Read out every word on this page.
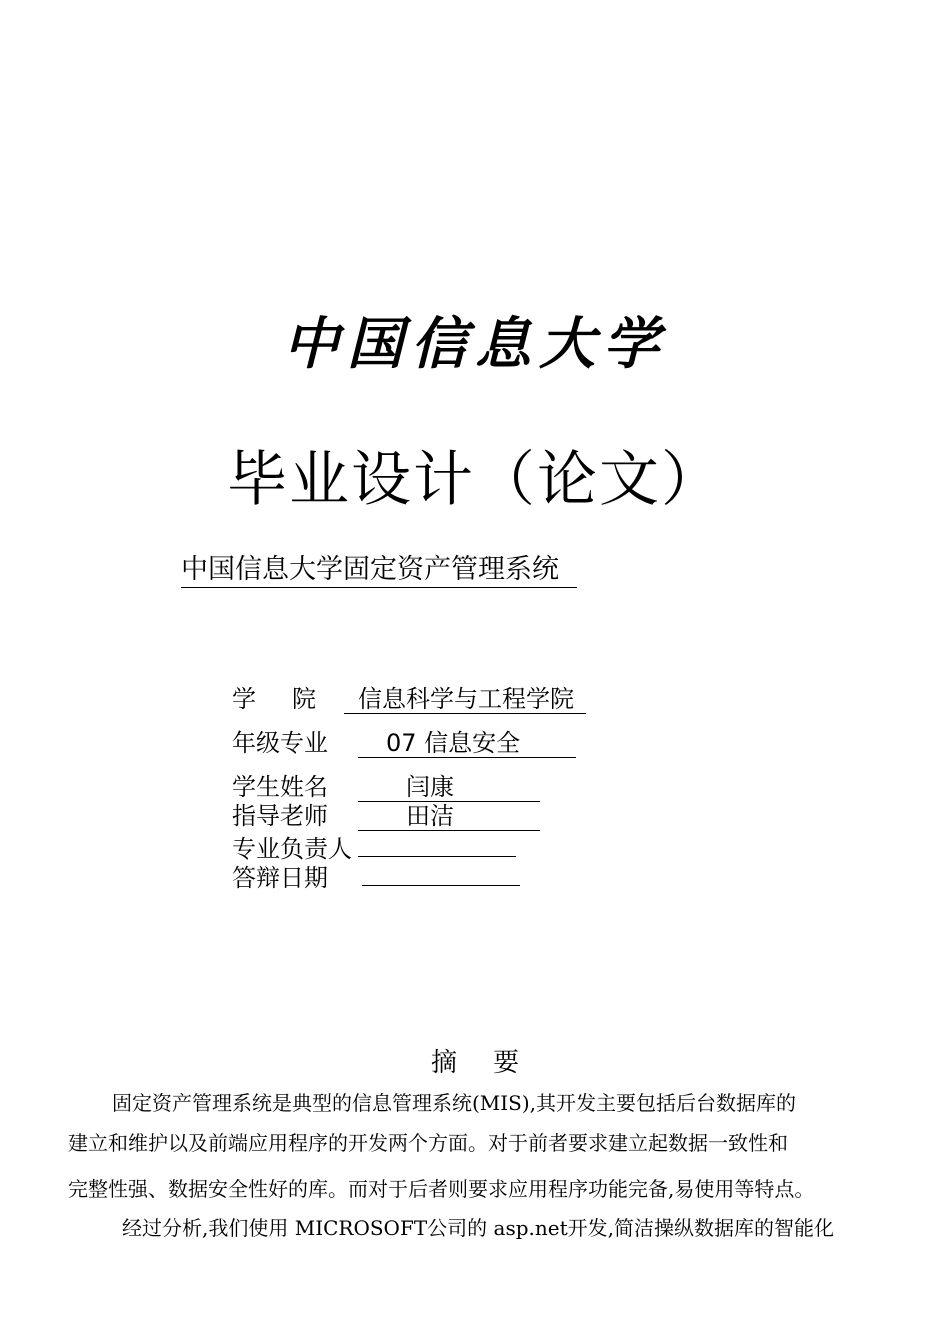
中国信息大学
毕业设计（论文）
中国信息大学固定资产管理系统
学　院 信息科学与工程学院
年级专业 07 信息安全
学生姓名	闫康
指导老师	田洁
专业负责人
答辩日期
摘要
固定资产管理系统是典型的信息管理系统(MIS),其开发主要包括后台数据库的
建立和维护以及前端应用程序的开发两个方面。对于前者要求建立起数据一致性和
完整性强、数据安全性好的库。而对于后者则要求应用程序功能完备,易使用等特点。
经过分析,我们使用 MICROSOFT公司的 asp.net开发,简洁操纵数据库的智能化
